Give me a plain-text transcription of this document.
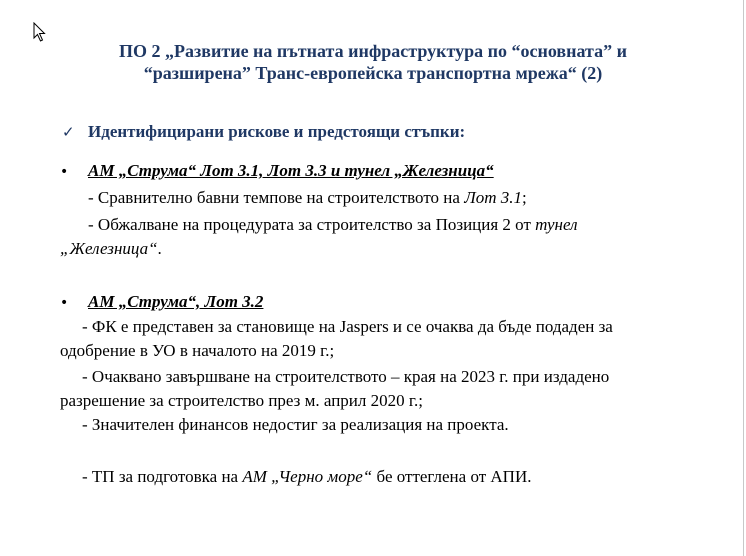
ПО 2 „Развитие на пътната инфраструктура по “основната” и
“разширена” Транс-европейска транспортна мрежа“ (2)
✓ Идентифицирани рискове и предстоящи стъпки:
• АМ „Струма“ Лот 3.1, Лот 3.3 и тунел „Железница“
- Сравнително бавни темпове на строителството на Лот 3.1;
- Обжалване на процедурата за строителство за Позиция 2 от тунел
„Железница“.
• АМ „Струма“, Лот 3.2
- ФК е представен за становище на Jaspers и се очаква да бъде подаден за
одобрение в УО в началото на 2019 г.;
- Очаквано завършване на строителството – края на 2023 г. при издадено
разрешение за строителство през м. април 2020 г.;
- Значителен финансов недостиг за реализация на проекта.
- ТП за подготовка на АМ „Черно море“ бе оттеглена от АПИ.
